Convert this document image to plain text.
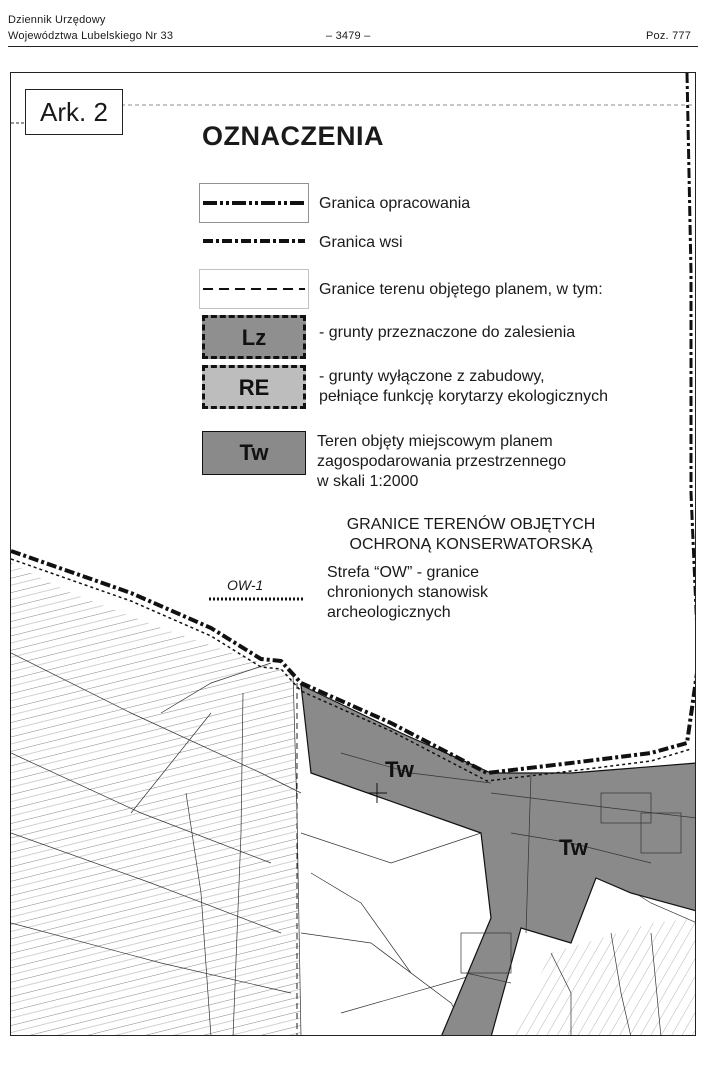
Dziennik Urzędowy
Województwa Lubelskiego Nr 33	– 3479 –	Poz. 777
Ark. 2
OZNACZENIA
Granica opracowania
Granica wsi
Granice terenu objętego planem, w tym:
Lz	- grunty przeznaczone do zalesienia
RE	- grunty wyłączone z zabudowy,
pełniące funkcję korytarzy ekologicznych
Tw	Teren objęty miejscowym planem
zagospodarowania przestrzennego
w skali 1:2000
GRANICE TERENÓW OBJĘTYCH
OCHRONĄ KONSERWATORSKĄ
OW-1
Strefa “OW” - granice
chronionych stanowisk
archeologicznych
Tw
Tw
